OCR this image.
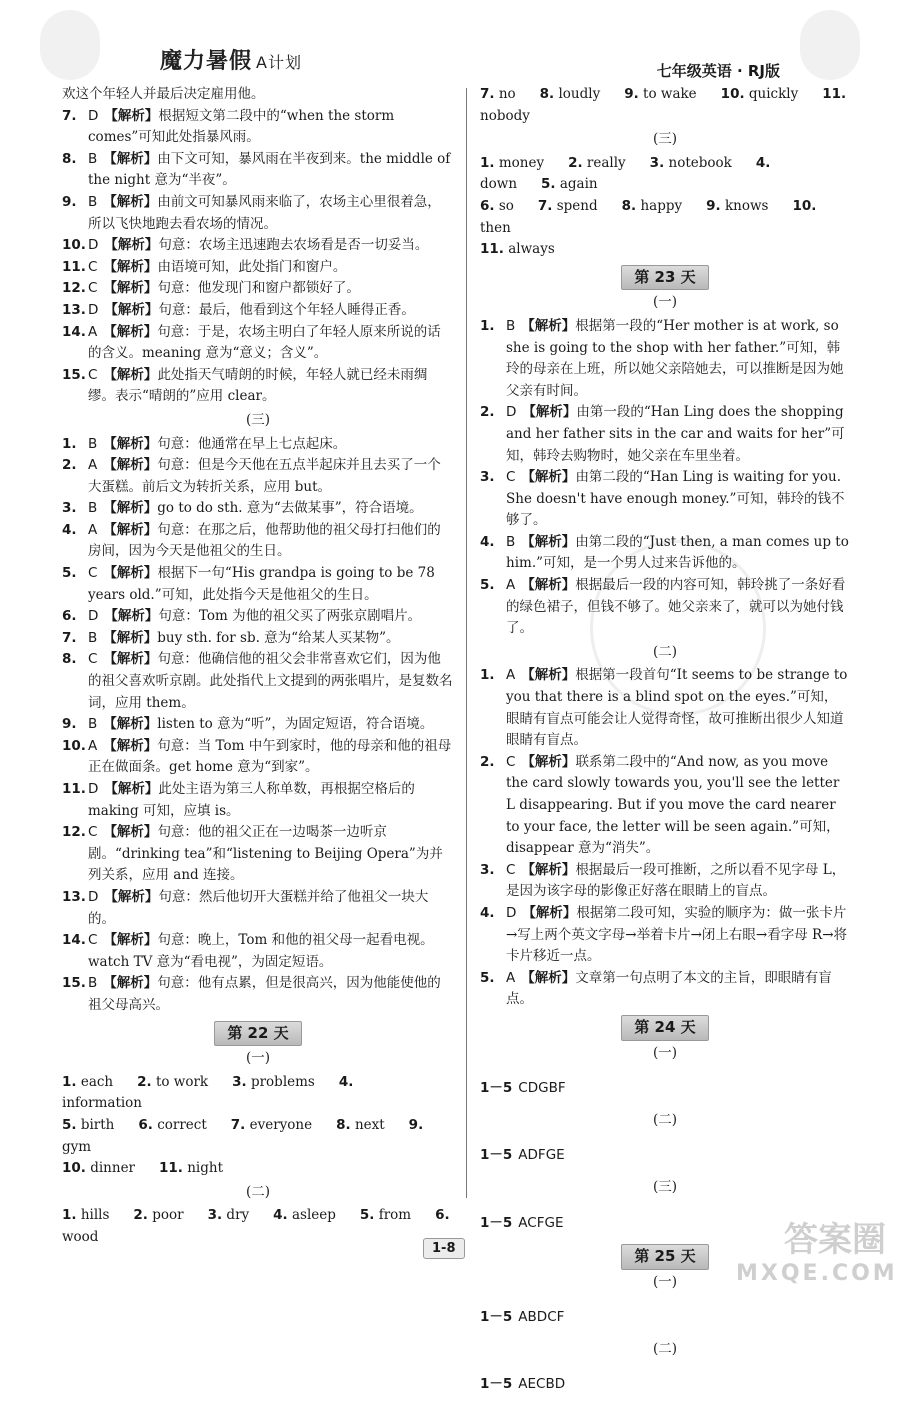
魔力暑假 A计划	七年级英语 · RJ版
欢这个年轻人并最后决定雇用他。
7. D 【解析】根据短文第二段中的“when the storm comes”可知此处指暴风雨。
8. B 【解析】由下文可知，暴风雨在半夜到来。the middle of the night 意为“半夜”。
9. B 【解析】由前文可知暴风雨来临了，农场主心里很着急，所以飞快地跑去看农场的情况。
10. D 【解析】句意：农场主迅速跑去农场看是否一切妥当。
11. C 【解析】由语境可知，此处指门和窗户。
12. C 【解析】句意：他发现门和窗户都锁好了。
13. D 【解析】句意：最后，他看到这个年轻人睡得正香。
14. A 【解析】句意：于是，农场主明白了年轻人原来所说的话的含义。meaning 意为“意义；含义”。
15. C 【解析】此处指天气晴朗的时候，年轻人就已经未雨绸缪。表示“晴朗的”应用 clear。
(三)
1. B 【解析】句意：他通常在早上七点起床。
2. A 【解析】句意：但是今天他在五点半起床并且去买了一个大蛋糕。前后文为转折关系，应用 but。
3. B 【解析】go to do sth. 意为“去做某事”，符合语境。
4. A 【解析】句意：在那之后，他帮助他的祖父母打扫他们的房间，因为今天是他祖父的生日。
5. C 【解析】根据下一句“His grandpa is going to be 78 years old.”可知，此处指今天是他祖父的生日。
6. D 【解析】句意：Tom 为他的祖父买了两张京剧唱片。
7. B 【解析】buy sth. for sb. 意为“给某人买某物”。
8. C 【解析】句意：他确信他的祖父会非常喜欢它们，因为他的祖父喜欢听京剧。此处指代上文提到的两张唱片，是复数名词，应用 them。
9. B 【解析】listen to 意为“听”，为固定短语，符合语境。
10. A 【解析】句意：当 Tom 中午到家时，他的母亲和他的祖母正在做面条。get home 意为“到家”。
11. D 【解析】此处主语为第三人称单数，再根据空格后的 making 可知，应填 is。
12. C 【解析】句意：他的祖父正在一边喝茶一边听京剧。“drinking tea”和“listening to Beijing Opera”为并列关系，应用 and 连接。
13. D 【解析】句意：然后他切开大蛋糕并给了他祖父一块大的。
14. C 【解析】句意：晚上，Tom 和他的祖父母一起看电视。watch TV 意为“看电视”，为固定短语。
15. B 【解析】句意：他有点累，但是很高兴，因为他能使他的祖父母高兴。
第 22 天
(一)
1. each 2. to work 3. problems 4. information
5. birth 6. correct 7. everyone 8. next 9. gym
10. dinner 11. night
(二)
1. hills 2. poor 3. dry 4. asleep 5. from 6. wood
7. no 8. loudly 9. to wake 10. quickly 11. nobody
(三)
1. money 2. really 3. notebook 4. down 5. again
6. so 7. spend 8. happy 9. knows 10. then
11. always
第 23 天
(一)
1. B 【解析】根据第一段的“Her mother is at work, so she is going to the shop with her father.”可知，韩玲的母亲在上班，所以她父亲陪她去，可以推断是因为她父亲有时间。
2. D 【解析】由第一段的“Han Ling does the shopping and her father sits in the car and waits for her”可知，韩玲去购物时，她父亲在车里坐着。
3. C 【解析】由第二段的“Han Ling is waiting for you. She doesn't have enough money.”可知，韩玲的钱不够了。
4. B 【解析】由第二段的“Just then, a man comes up to him.”可知，是一个男人过来告诉他的。
5. A 【解析】根据最后一段的内容可知，韩玲挑了一条好看的绿色裙子，但钱不够了。她父亲来了，就可以为她付钱了。
(二)
1. A 【解析】根据第一段首句“It seems to be strange to you that there is a blind spot on the eyes.”可知，眼睛有盲点可能会让人觉得奇怪，故可推断出很少人知道眼睛有盲点。
2. C 【解析】联系第二段中的“And now, as you move the card slowly towards you, you'll see the letter L disappearing. But if you move the card nearer to your face, the letter will be seen again.”可知，disappear 意为“消失”。
3. C 【解析】根据最后一段可推断，之所以看不见字母 L，是因为该字母的影像正好落在眼睛上的盲点。
4. D 【解析】根据第二段可知，实验的顺序为：做一张卡片→写上两个英文字母→举着卡片→闭上右眼→看字母 R→将卡片移近一点。
5. A 【解析】文章第一句点明了本文的主旨，即眼睛有盲点。
第 24 天
(一)
1－5 CDGBF
(二)
1－5 ADFGE
(三)
1－5 ACFGE
第 25 天
(一)
1－5 ABDCF
(二)
1－5 AECBD
1-8	答案圈
MXQE.COM
